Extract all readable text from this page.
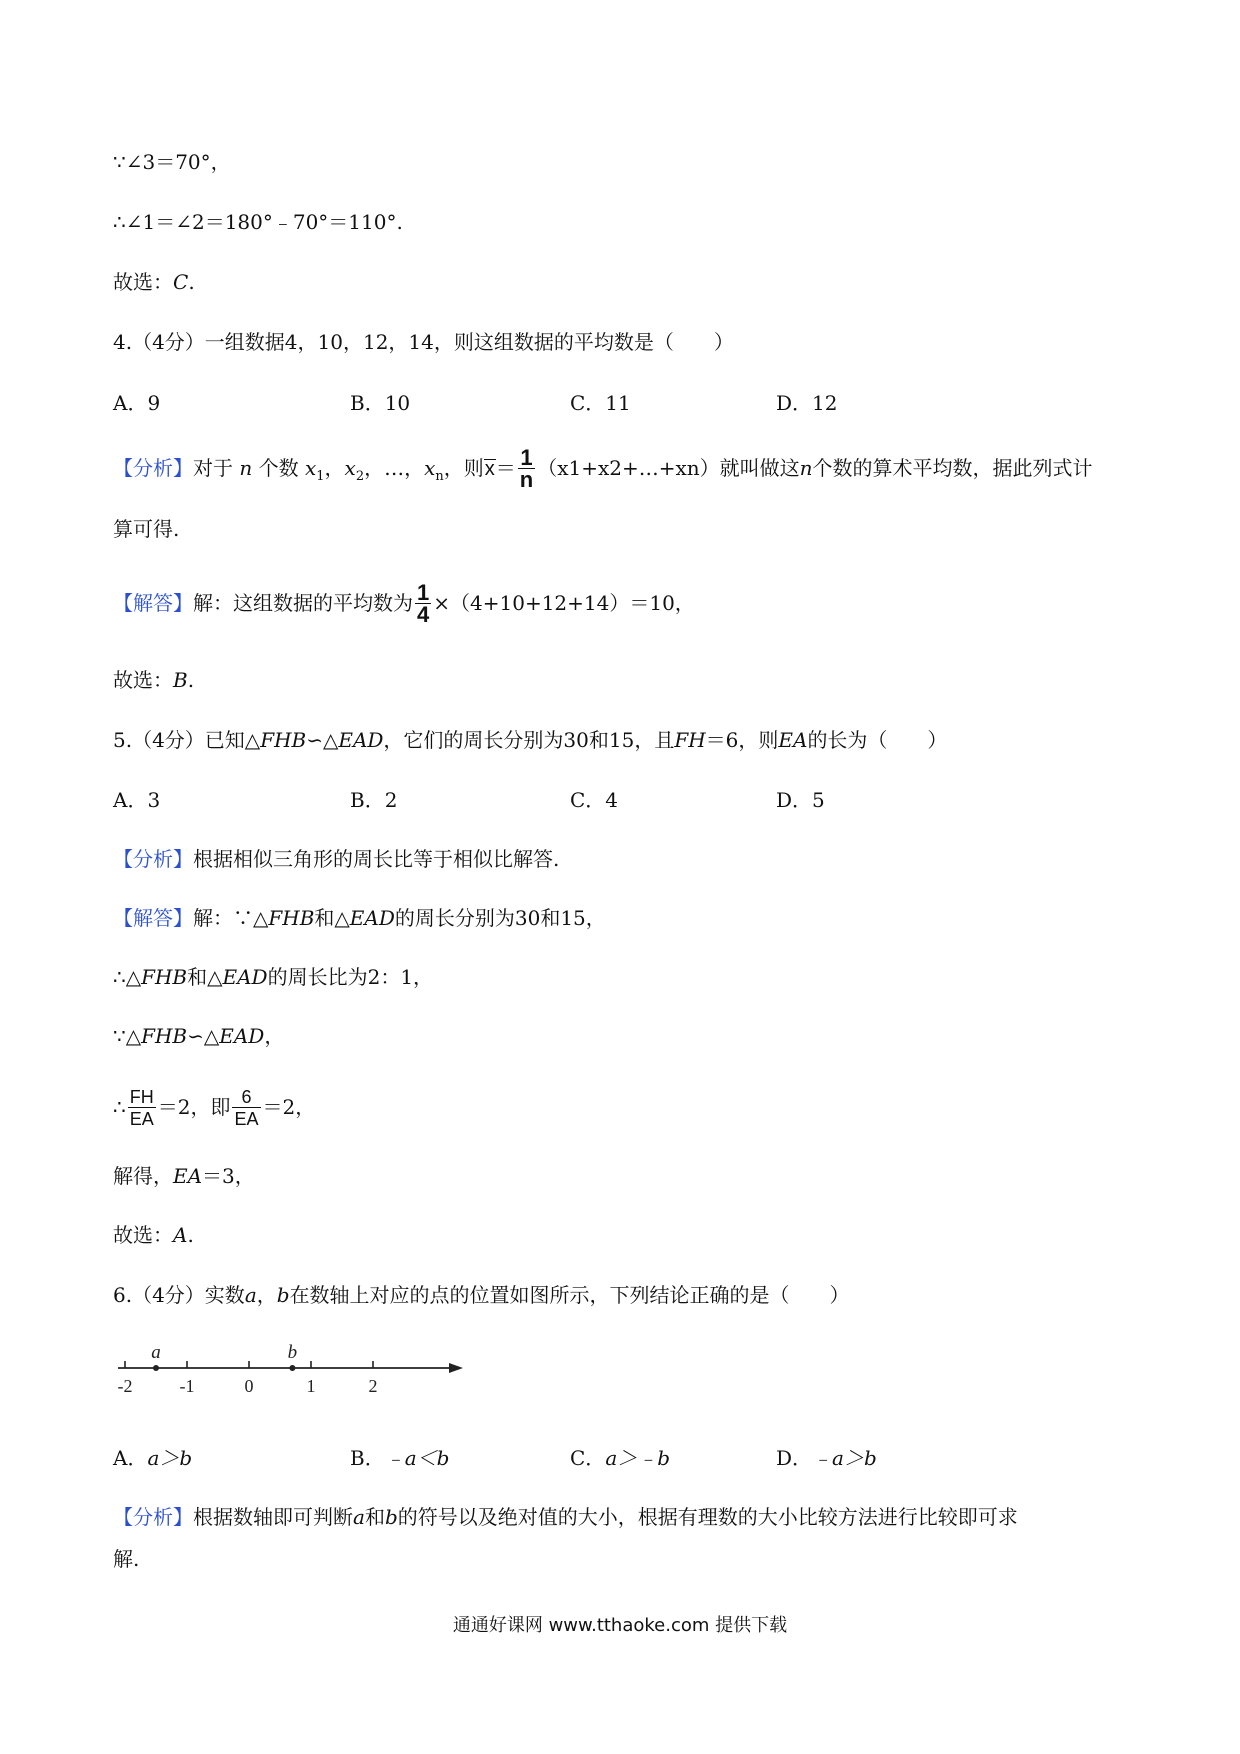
∵∠3＝70°，
∴∠1＝∠2＝180°﹣70°＝110°.
故选：C.
4.（4分）一组数据4，10，12，14，则这组数据的平均数是（　　）
A．9	B．10	C．11	D．12
【分析】对于 n 个数 $x_1$，$x_2$，…，$x_n$，则$x= \frac{1}{n}$ （x1+x2+…+xn）就叫做这n个数的算术平均数，据此列式计
算可得.
【解答】解：这组数据的平均数为 $\frac{1}{4} \times(4+10+12+14)=10$，
故选：B.
5.（4分）已知△FHB∽△EAD，它们的周长分别为30和15，且FH＝6，则EA的长为（　　）
A．3	B．2	C．4	D．5
【分析】根据相似三角形的周长比等于相似比解答.
【解答】解：∵△FHB和△EAD的周长分别为30和15，
∴△FHB和△EAD的周长比为2：1，
∵△FHB∽△EAD，
∴ $\frac{FH}{EA} =2$，即 $\frac{6}{EA} =2$，
解得，EA＝3，
故选：A.
6.（4分）实数a，b在数轴上对应的点的位置如图所示，下列结论正确的是（　　）
-2	-1	0	1	2
a	b
A．a＞b	B．﹣a＜b	C．a＞﹣b	D．﹣a＞b
【分析】根据数轴即可判断a和b的符号以及绝对值的大小，根据有理数的大小比较方法进行比较即可求
解.
通通好课网 www.tthaoke.com 提供下载
